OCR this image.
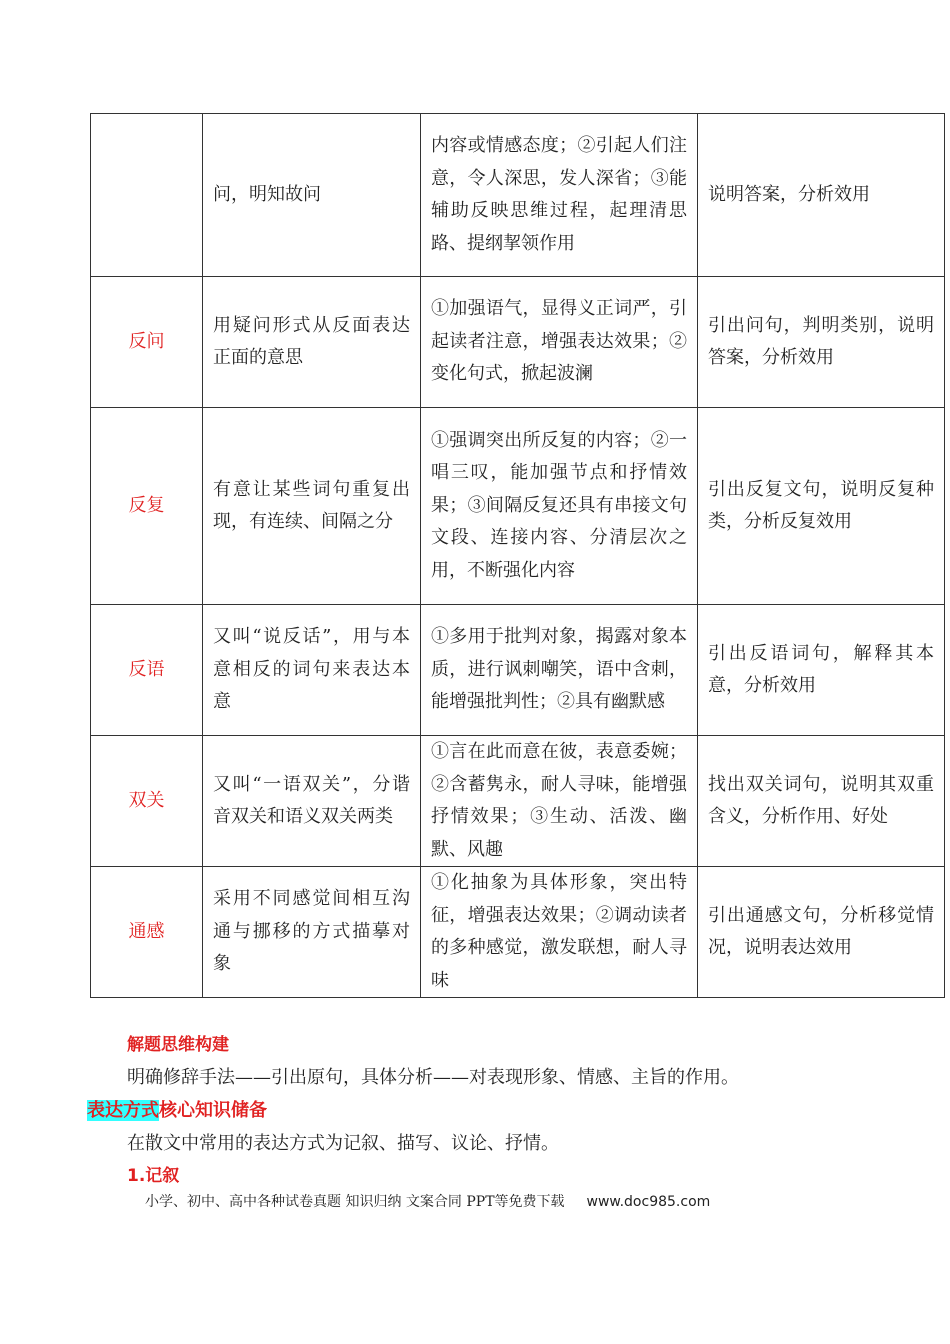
	问，明知故问	内容或情感态度；②引起人们注意，令人深思，发人深省；③能辅助反映思维过程，起理清思路、提纲挈领作用	说明答案，分析效用
反问	用疑问形式从反面表达正面的意思	①加强语气，显得义正词严，引起读者注意，增强表达效果；②变化句式，掀起波澜	引出问句，判明类别，说明答案，分析效用
反复	有意让某些词句重复出现，有连续、间隔之分	①强调突出所反复的内容；②一唱三叹，能加强节点和抒情效果；③间隔反复还具有串接文句文段、连接内容、分清层次之用，不断强化内容	引出反复文句，说明反复种类，分析反复效用
反语	又叫“说反话”，用与本意相反的词句来表达本意	①多用于批判对象，揭露对象本质，进行讽刺嘲笑，语中含刺，能增强批判性；②具有幽默感	引出反语词句，解释其本意，分析效用
双关	又叫“一语双关”，分谐音双关和语义双关两类	①言在此而意在彼，表意委婉；②含蓄隽永，耐人寻味，能增强抒情效果；③生动、活泼、幽默、风趣	找出双关词句，说明其双重含义，分析作用、好处
通感	采用不同感觉间相互沟通与挪移的方式描摹对象	①化抽象为具体形象，突出特征，增强表达效果；②调动读者的多种感觉，激发联想，耐人寻味	引出通感文句，分析移觉情况，说明表达效用
解题思维构建
明确修辞手法——引出原句，具体分析——对表现形象、情感、主旨的作用。
表达方式核心知识储备
在散文中常用的表达方式为记叙、描写、议论、抒情。
1.记叙
小学、初中、高中各种试卷真题 知识归纳 文案合同 PPT等免费下载 www.doc985.com
